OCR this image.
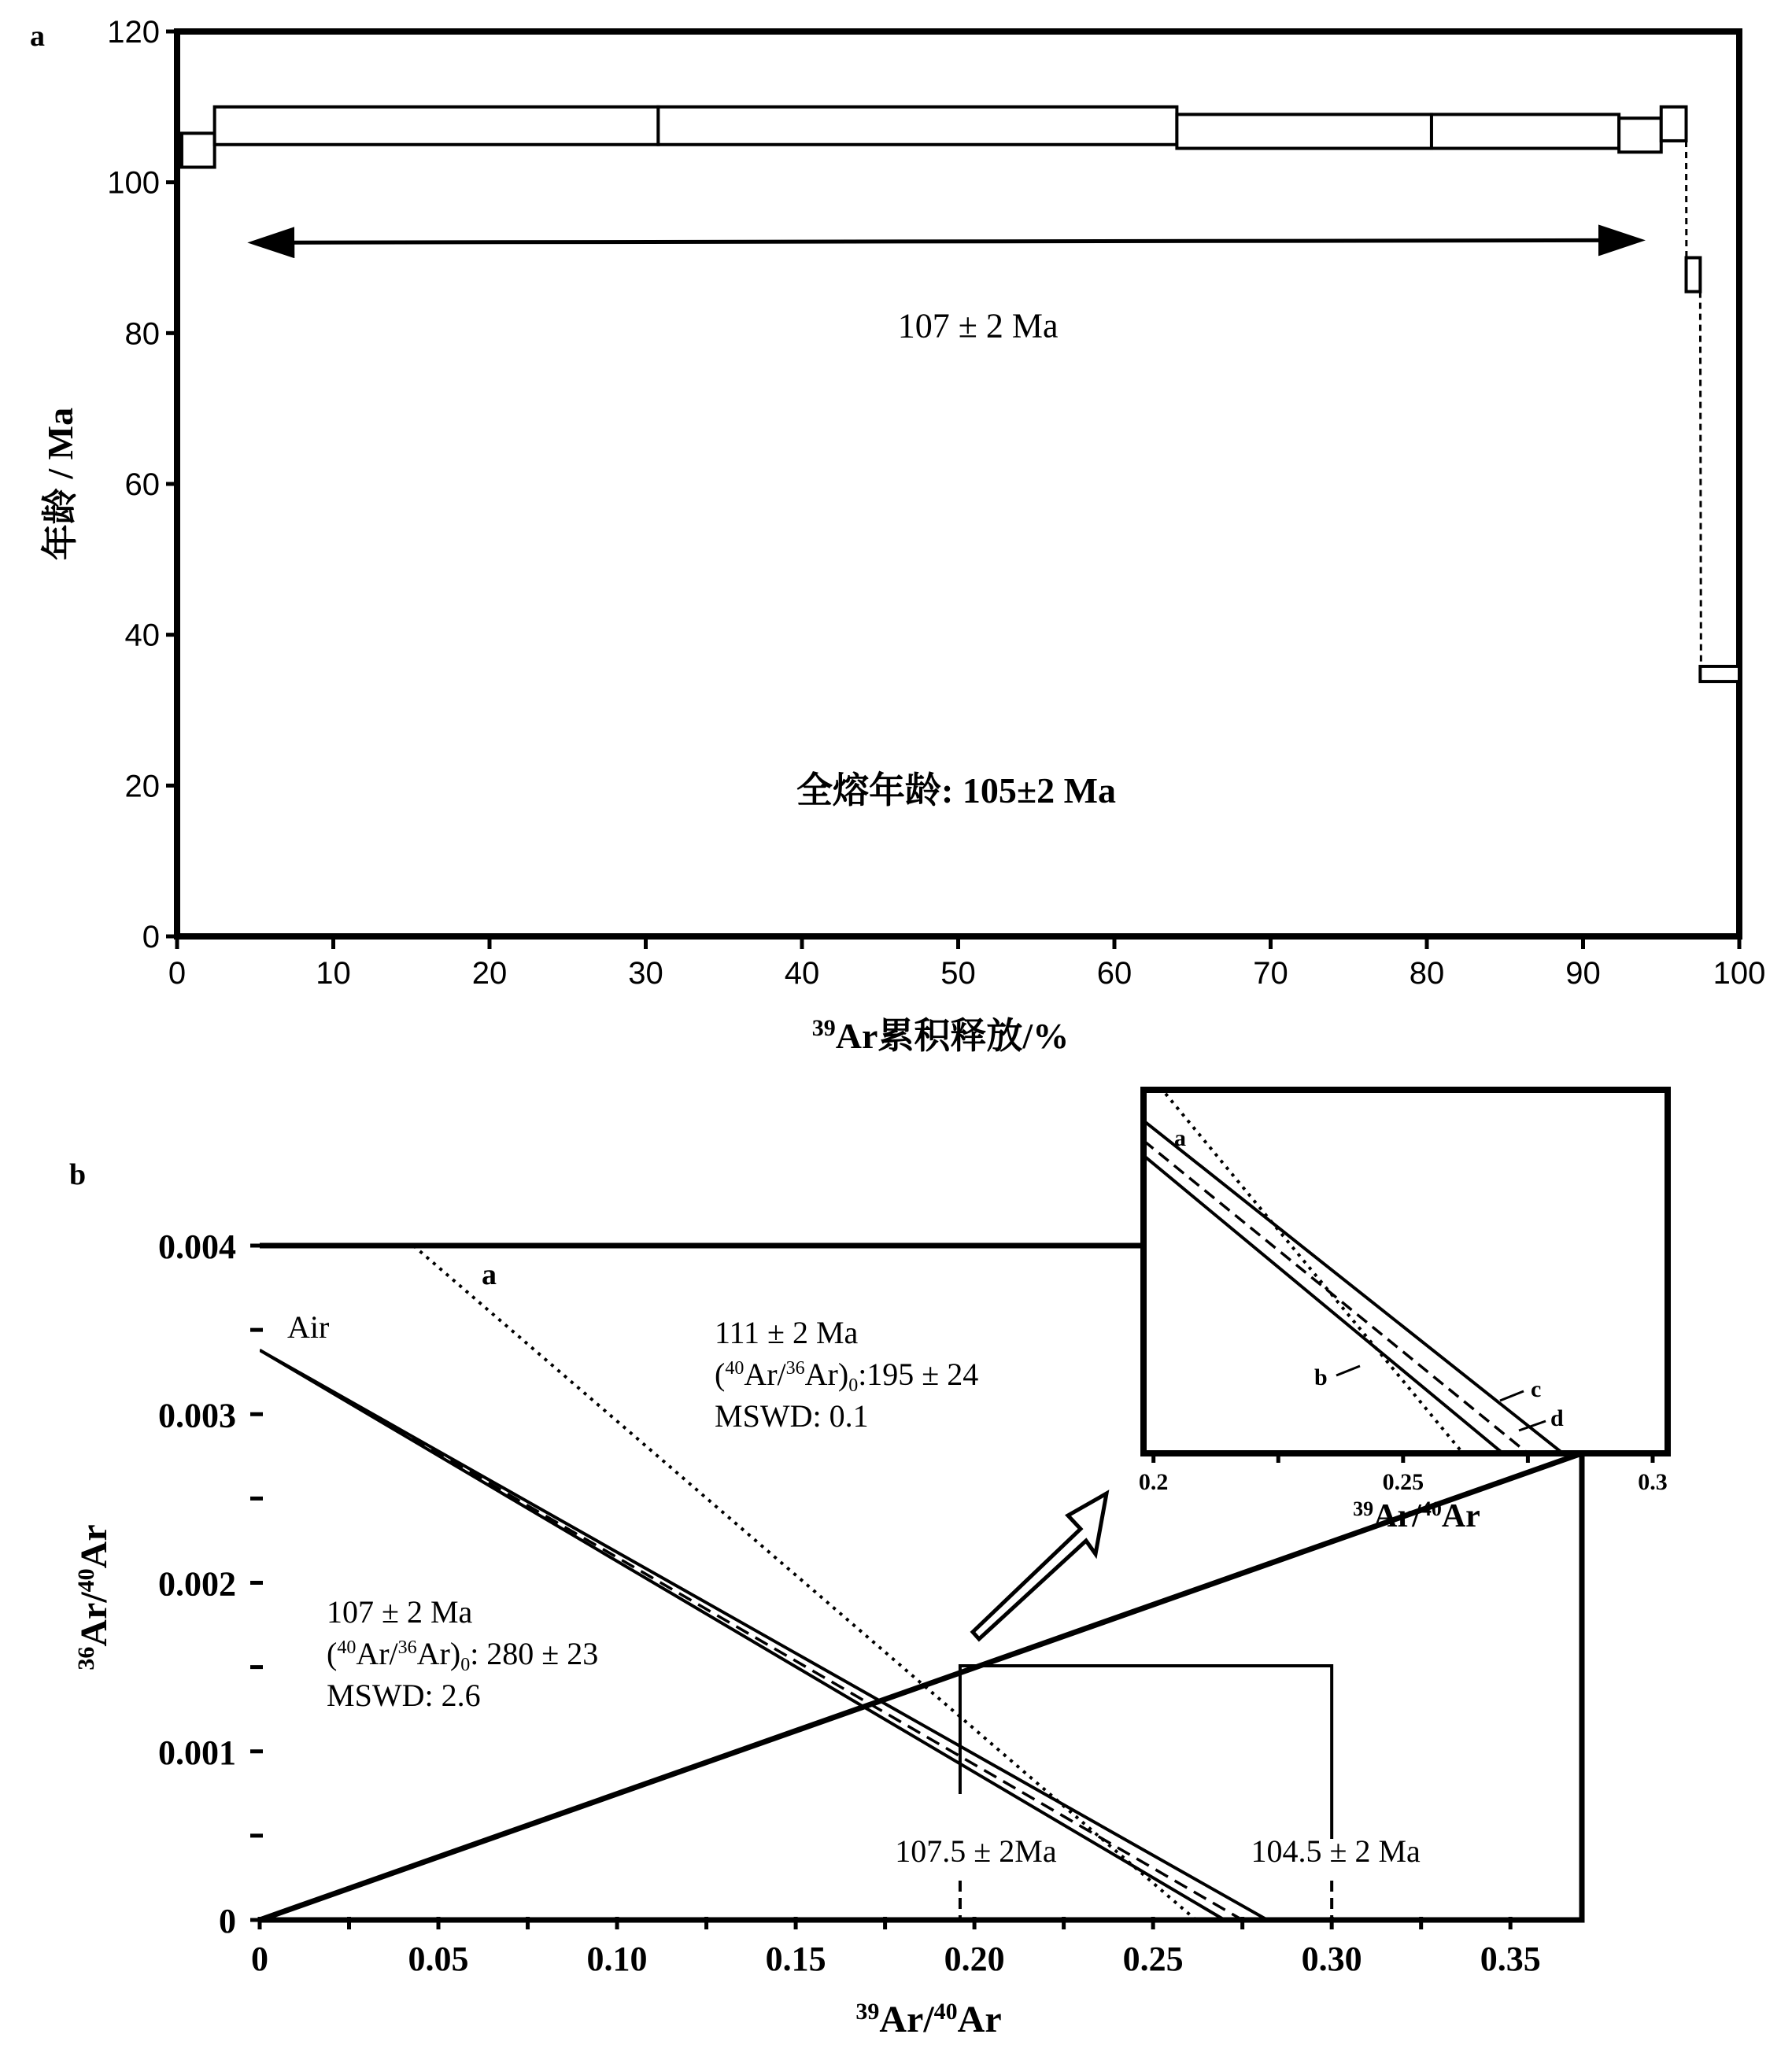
a
0
20
40
60
80
100
120
0	10	20	30	40	50	60	70	80	90	100
年龄 / Ma
$^{39}$Ar累积释放/%
107 ± 2 Ma
全熔年龄: 105±2 Ma
b
0
0.001
0.002
0.003
0.004
0	0.05	0.10	0.15	0.20	0.25	0.30	0.35
$^{36}$Ar/$^{40}$Ar
$^{39}$Ar/$^{40}$Ar
Air
a
111 ± 2 Ma
$(^{40}Ar/^{36}Ar)_0:195 \pm 24$
MSWD: 0.1
107 ± 2 Ma
$(^{40}Ar/^{36}Ar)_0$: 280 ± 23
MSWD: 2.6
107.5 ± 2Ma	104.5 ± 2 Ma
0.2	0.25	0.3
a
b	c
d
$^{39}$Ar/$^{40}$Ar
